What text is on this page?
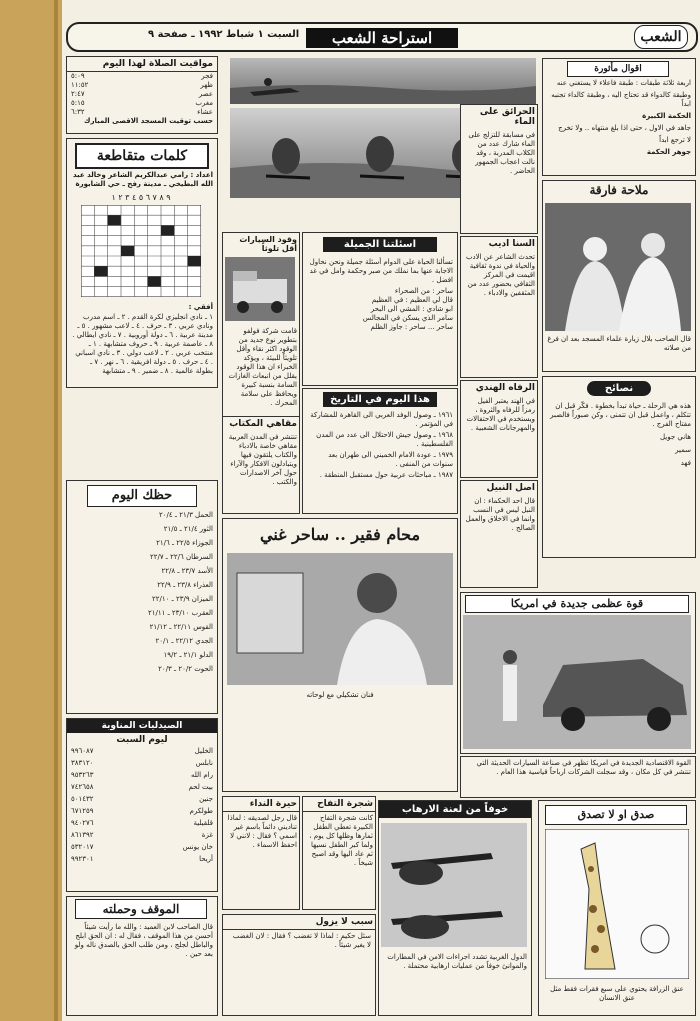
السبت ١ شباط ١٩٩٢ ـ صفحة ٩	استراحة الشعب	الشعب
مواقيت الصلاة لهذا اليوم
فجر
٥:٠٩
ظهر
١١:٥٢
عصر
٢:٤٧
مغرب
٥:١٥
عشاء
٦:٣٢
حسب توقيت المسجد الاقصى المبارك
كلمات متقاطعة
اعداد : رامي عبدالكريم الشاعر وخالد عبد الله البطيخي ـ مدينة رفح ـ حي الشابورة
٩ ٨ ٧ ٦ ٥ ٤ ٣ ٢ ١
أفقي :
١ ـ نادي انجليزي لكرة القدم . ٢ ـ اسم مدرب ونادي عربي . ٣ ـ حرف . ٤ ـ لاعب مشهور . ٥ ـ مدينة عربية . ٦ ـ دولة أوروبية . ٧ ـ نادي ايطالي . ٨ ـ عاصمة عربية . ٩ ـ حروف متشابهة . ١ ـ منتخب عربي . ٢ ـ لاعب دولي . ٣ ـ نادي اسباني . ٤ ـ حرف . ٥ ـ دولة افريقية . ٦ ـ نهر . ٧ ـ بطولة عالمية . ٨ ـ ضمير . ٩ ـ متشابهة
حظك اليوم
الحمل ٢١/٣ ـ ٢٠/٤
الثور ٢١/٤ ـ ٢١/٥
الجوزاء ٢٢/٥ ـ ٢١/٦
السرطان ٢٢/٦ ـ ٢٢/٧
الأسد ٢٣/٧ ـ ٢٢/٨
العذراء ٢٣/٨ ـ ٢٢/٩
الميزان ٢٣/٩ ـ ٢٢/١٠
العقرب ٢٣/١٠ ـ ٢١/١١
القوس ٢٢/١١ ـ ٢١/١٢
الجدي ٢٢/١٢ ـ ٢٠/١
الدلو ٢١/١ ـ ١٩/٢
الحوت ٢٠/٢ ـ ٢٠/٣
الصيدليات المناوبة
ليوم السبت
الخليل
٩٩٦٠٨٧
نابلس
٣٨٣١٢٠
رام الله
٩٥٣٢٦٣
بيت لحم
٧٤٢٦٥٨
جنين
٥٠١٤٣٢
طولكرم
٦٧١٢٥٩
قلقيلية
٩٤٠٢٧٦
غزة
٨٦١٣٩٢
خان يونس
٥٣٢٠١٧
أريحا
٩٩٢٣٠١
الموقف وحملته
قال الصاحب لابن العميد : والله ما رأيت شيئاً أحسن من هذا الموقف ، فقال له : ان الحق ابلج والباطل لجلج ، ومن طلب الحق بالصدق ناله ولو بعد حين .
وقود السيارات أقل تلوثاً
قامت شركة فولفو بتطوير نوع جديد من الوقود اكثر نقاء وأقل تلويثاً للبيئة ، ويؤكد الخبراء ان هذا الوقود يقلل من انبعاث الغازات السامة بنسبة كبيرة ويحافظ على سلامة المحرك .
مقاهي المكتاب
تنتشر في المدن العربية مقاهي خاصة بالادباء والكتاب يلتقون فيها ويتبادلون الافكار والآراء حول آخر الاصدارات والكتب .
اسئلتنا الجميلة
تسألنا الحياة على الدوام أسئلة جميلة ونحن نحاول الاجابة عنها بما نملك من صبر وحكمة وامل في غد افضل .
ساحر : من الصحراء
قال لي العظيم : في العظيم
ابو شادي : المشي الى البحر
سامر الذي يسكن في المجالس
ساحر ... ساحر : جاوز الظلم
هذا اليوم في التاريخ
١٩٦١ ـ وصول الوفد العربي الى القاهرة للمشاركة في المؤتمر .
١٩٦٨ ـ وصول جيش الاحتلال الى عدد من المدن الفلسطينية .
١٩٧٩ ـ عودة الامام الخميني الى طهران بعد سنوات من المنفى .
١٩٨٧ ـ مباحثات عربية حول مستقبل المنطقة .
محام فقير .. ساحر غني
فنان تشكيلي مع لوحاته
حيرة النداء
قال رجل لصديقه : لماذا تناديني دائماً باسم غير اسمي ؟ فقال : لانني لا احفظ الاسماء .
شجرة التفاح
كانت شجرة التفاح الكبيرة تعطي الطفل ثمارها وظلها كل يوم ، ولما كبر الطفل نسيها ثم عاد اليها وقد اصبح شيخاً .
سبب لا يزول
سئل حكيم : لماذا لا تغضب ؟ فقال : لان الغضب لا يغير شيئاً .
خوفاً من لعنة الارهاب
الدول الغربية تشدد اجراءات الامن في المطارات والموانئ خوفاً من عمليات ارهابية محتملة .
الحرائق على الماء
في مسابقة للتزلج على الماء شارك عدد من الكلاب المدربة ، وقد نالت اعجاب الجمهور الحاضر .
السنا اديب
تحدث الشاعر عن الادب والحياة في ندوة ثقافية اقيمت في المركز الثقافي بحضور عدد من المثقفين والادباء .
الرفاه الهندي
في الهند يعتبر الفيل رمزاً للرفاه والثروة ، ويستخدم في الاحتفالات والمهرجانات الشعبية .
اصل النبيل
قال احد الحكماء : ان النبل ليس في النسب وانما في الاخلاق والعمل الصالح .
اقوال مأثورة
اربعة ثلاثة طبقات : طبقة فاعلاء لا يستغني عنه
وطبقة كالدواء قد تحتاج اليه ، وطبقة كالداء تجنبه ابداً
الحكمة الكبيرة
جاهد في الاول ، حتى اذا بلغ منتهاه .. ولا تخرج
لا ترجع ابداً
جوهر الحكمة
ملاحة فارقة
قال الصاحب بلال زيارة علماء المسجد بعد ان فرغ من صلاته
نصائح
هذه هي الرحلة ـ حياة تبدأ بخطوة . فكّر قبل ان تتكلم ، واعمل قبل ان تتمنى ، وكن صبوراً فالصبر مفتاح الفرج .
هاني جويل
سمير
فهد
قوة عظمى جديدة في امريكا
القوة الاقتصادية الجديدة في امريكا تظهر في صناعة السيارات الحديثة التي تنتشر في كل مكان ، وقد سجلت الشركات ارباحاً قياسية هذا العام .
صدق او لا تصدق
عنق الزرافة يحتوي على سبع فقرات فقط مثل عنق الانسان
